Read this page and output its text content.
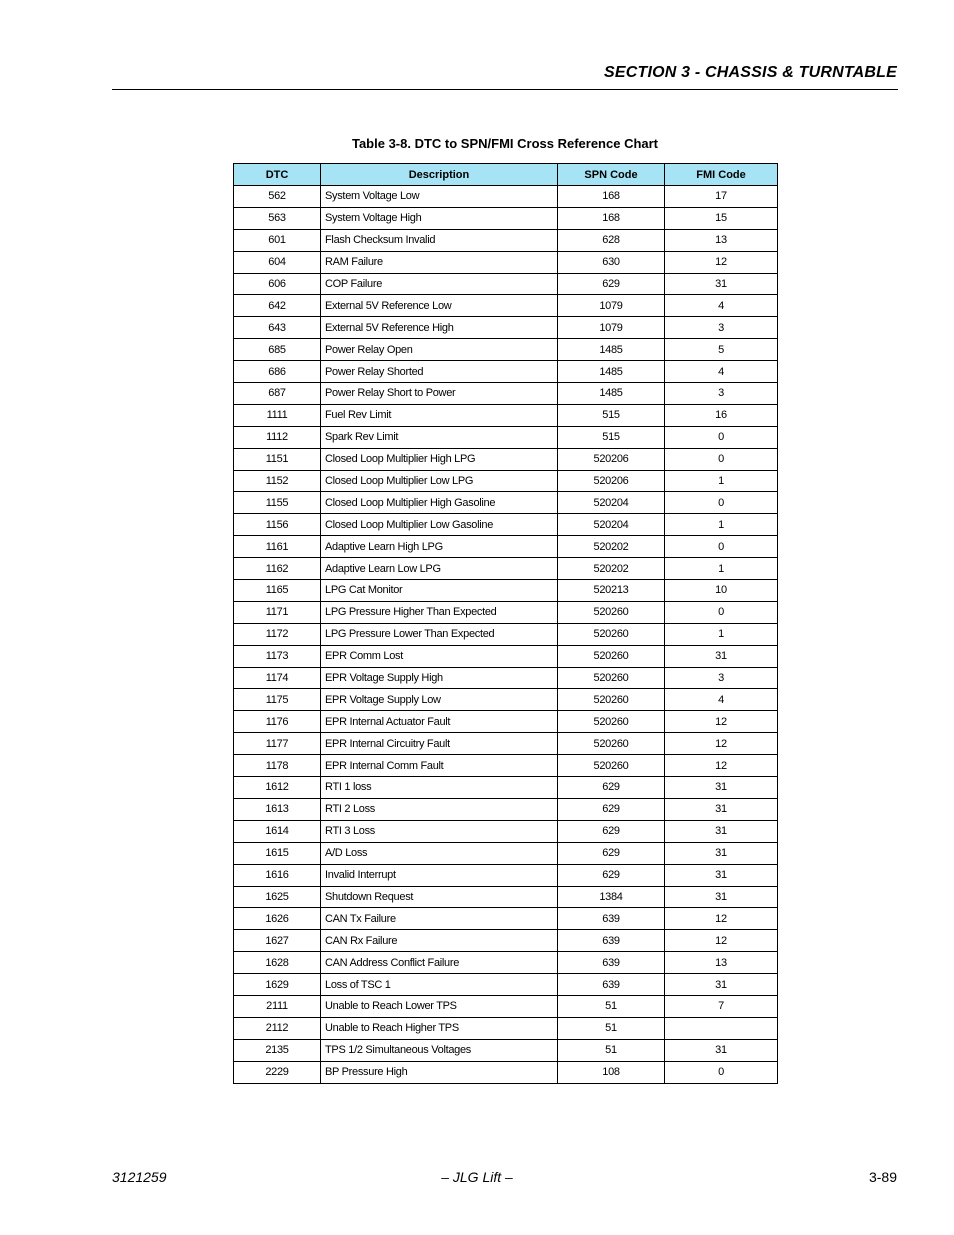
SECTION 3 - CHASSIS & TURNTABLE
Table 3-8. DTC to SPN/FMI Cross Reference Chart
DTC	Description	SPN Code	FMI Code
562	System Voltage Low	168	17
563	System Voltage High	168	15
601	Flash Checksum Invalid	628	13
604	RAM Failure	630	12
606	COP Failure	629	31
642	External 5V Reference Low	1079	4
643	External 5V Reference High	1079	3
685	Power Relay Open	1485	5
686	Power Relay Shorted	1485	4
687	Power Relay Short to Power	1485	3
1111	Fuel Rev Limit	515	16
1112	Spark Rev Limit	515	0
1151	Closed Loop Multiplier High LPG	520206	0
1152	Closed Loop Multiplier Low LPG	520206	1
1155	Closed Loop Multiplier High Gasoline	520204	0
1156	Closed Loop Multiplier Low Gasoline	520204	1
1161	Adaptive Learn High LPG	520202	0
1162	Adaptive Learn Low LPG	520202	1
1165	LPG Cat Monitor	520213	10
1171	LPG Pressure Higher Than Expected	520260	0
1172	LPG Pressure Lower Than Expected	520260	1
1173	EPR Comm Lost	520260	31
1174	EPR Voltage Supply High	520260	3
1175	EPR Voltage Supply Low	520260	4
1176	EPR Internal Actuator Fault	520260	12
1177	EPR Internal Circuitry Fault	520260	12
1178	EPR Internal Comm Fault	520260	12
1612	RTI 1 loss	629	31
1613	RTI 2 Loss	629	31
1614	RTI 3 Loss	629	31
1615	A/D Loss	629	31
1616	Invalid Interrupt	629	31
1625	Shutdown Request	1384	31
1626	CAN Tx Failure	639	12
1627	CAN Rx Failure	639	12
1628	CAN Address Conflict Failure	639	13
1629	Loss of TSC 1	639	31
2111	Unable to Reach Lower TPS	51	7
2112	Unable to Reach Higher TPS	51	
2135	TPS 1/2 Simultaneous Voltages	51	31
2229	BP Pressure High	108	0
3121259	– JLG Lift –	3-89
